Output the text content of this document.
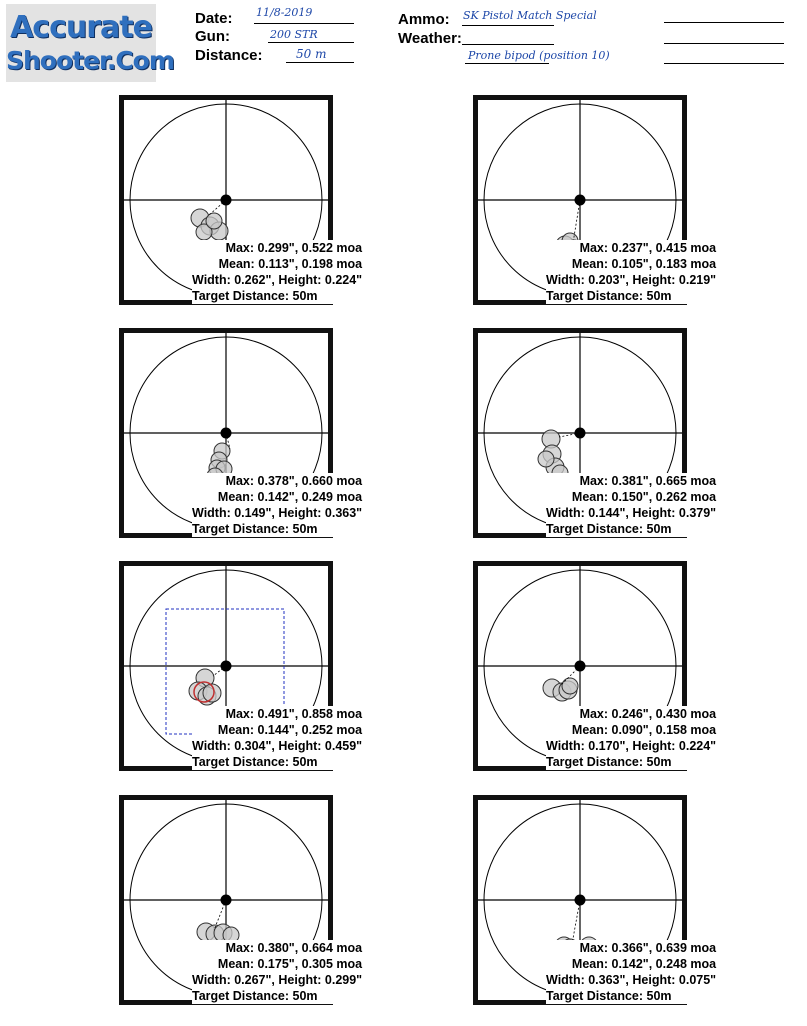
Accurate
Shooter.Com
Date:
Gun:
Distance:
Ammo:
Weather:
11/8-2019
200 STR
50 m
SK Pistol Match Special
Prone bipod (position 10)
Max: 0.299", 0.522 moa
Mean: 0.113", 0.198 moa
Width: 0.262", Height: 0.224"
Target Distance: 50m
Max: 0.237", 0.415 moa
Mean: 0.105", 0.183 moa
Width: 0.203", Height: 0.219"
Target Distance: 50m
Max: 0.378", 0.660 moa
Mean: 0.142", 0.249 moa
Width: 0.149", Height: 0.363"
Target Distance: 50m
Max: 0.381", 0.665 moa
Mean: 0.150", 0.262 moa
Width: 0.144", Height: 0.379"
Target Distance: 50m
Max: 0.491", 0.858 moa
Mean: 0.144", 0.252 moa
Width: 0.304", Height: 0.459"
Target Distance: 50m
Max: 0.246", 0.430 moa
Mean: 0.090", 0.158 moa
Width: 0.170", Height: 0.224"
Target Distance: 50m
Max: 0.380", 0.664 moa
Mean: 0.175", 0.305 moa
Width: 0.267", Height: 0.299"
Target Distance: 50m
Max: 0.366", 0.639 moa
Mean: 0.142", 0.248 moa
Width: 0.363", Height: 0.075"
Target Distance: 50m
